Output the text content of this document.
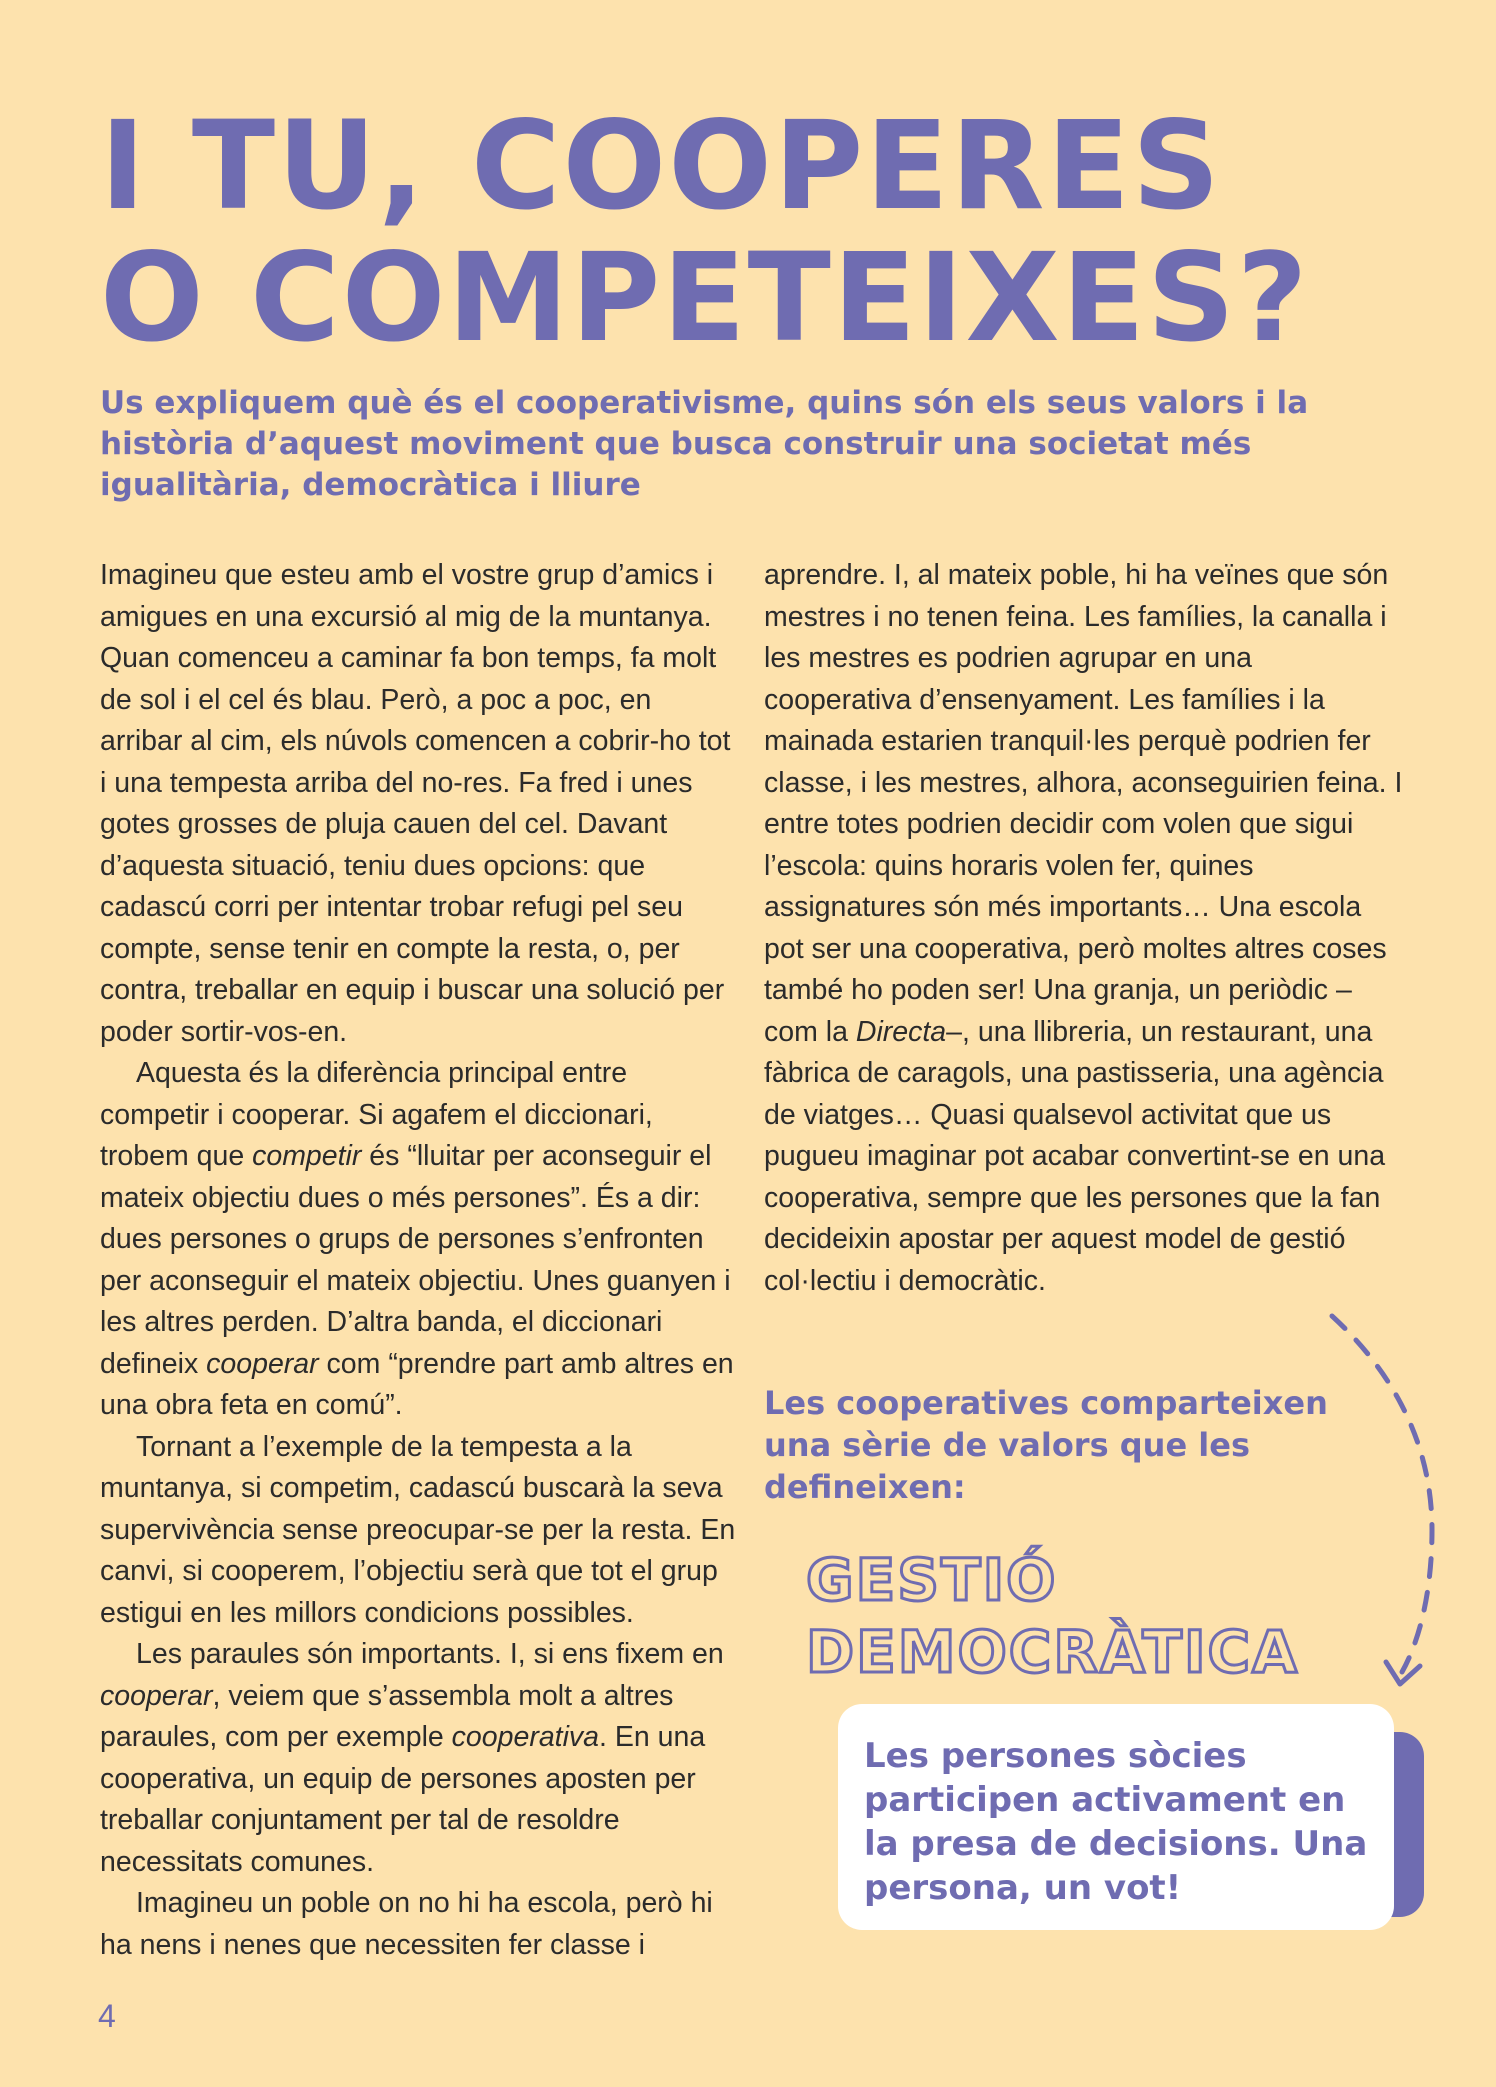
I TU, COOPERES
O COMPETEIXES?

Us expliquem què és el cooperativisme, quins són els seus valors i la història d’aquest moviment que busca construir una societat més igualitària, democràtica i lliure

Imagineu que esteu amb el vostre grup d’amics i amigues en una excursió al mig de la muntanya. Quan comenceu a caminar fa bon temps, fa molt de sol i el cel és blau. Però, a poc a poc, en arribar al cim, els núvols comencen a cobrir-ho tot i una tempesta arriba del no-res. Fa fred i unes gotes grosses de pluja cauen del cel. Davant d’aquesta situació, teniu dues opcions: que cadascú corri per intentar trobar refugi pel seu compte, sense tenir en compte la resta, o, per contra, treballar en equip i buscar una solució per poder sortir-vos-en.

Aquesta és la diferència principal entre competir i cooperar. Si agafem el diccionari, trobem que competir és “lluitar per aconseguir el mateix objectiu dues o més persones”. És a dir: dues persones o grups de persones s’enfronten per aconseguir el mateix objectiu. Unes guanyen i les altres perden. D’altra banda, el diccionari defineix cooperar com “prendre part amb altres en una obra feta en comú”.

Tornant a l’exemple de la tempesta a la muntanya, si competim, cadascú buscarà la seva supervivència sense preocupar-se per la resta. En canvi, si cooperem, l’objectiu serà que tot el grup estigui en les millors condicions possibles.

Les paraules són importants. I, si ens fixem en cooperar, veiem que s’assembla molt a altres paraules, com per exemple cooperativa. En una cooperativa, un equip de persones aposten per treballar conjuntament per tal de resoldre necessitats comunes.

Imagineu un poble on no hi ha escola, però hi ha nens i nenes que necessiten fer classe i

aprendre. I, al mateix poble, hi ha veïnes que són mestres i no tenen feina. Les famílies, la canalla i les mestres es podrien agrupar en una cooperativa d’ensenyament. Les famílies i la mainada estarien tranquil·les perquè podrien fer classe, i les mestres, alhora, aconseguirien feina. I entre totes podrien decidir com volen que sigui l’escola: quins horaris volen fer, quines assignatures són més importants… Una escola pot ser una cooperativa, però moltes altres coses també ho poden ser! Una granja, un periòdic –com la Directa–, una llibreria, un restaurant, una fàbrica de caragols, una pastisseria, una agència de viatges… Quasi qualsevol activitat que us pugueu imaginar pot acabar convertint-se en una cooperativa, sempre que les persones que la fan decideixin apostar per aquest model de gestió col·lectiu i democràtic.

Les cooperatives comparteixen una sèrie de valors que les defineixen:

GESTIÓ
DEMOCRÀTICA

Les persones sòcies participen activament en la presa de decisions. Una persona, un vot!

4
